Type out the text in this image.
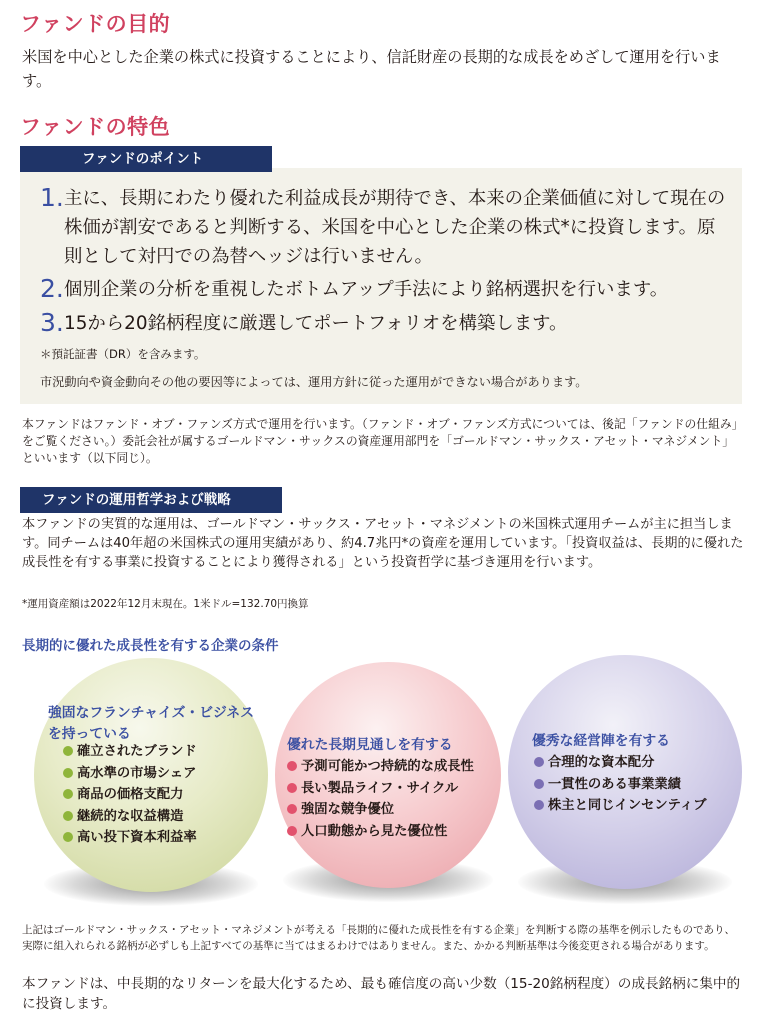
ファンドの目的
米国を中心とした企業の株式に投資することにより、信託財産の長期的な成長をめざして運用を行います。
ファンドの特色
1. 主に、長期にわたり優れた利益成長が期待でき、本来の企業価値に対して現在の株価が割安であると判断する、米国を中心とした企業の株式*に投資します。原則として対円での為替ヘッジは行いません。
2. 個別企業の分析を重視したボトムアップ手法により銘柄選択を行います。
3. 15から20銘柄程度に厳選してポートフォリオを構築します。
＊預託証書（DR）を含みます。
市況動向や資金動向その他の要因等によっては、運用方針に従った運用ができない場合があります。
ファンドのポイント
本ファンドはファンド・オブ・ファンズ方式で運用を行います。（ファンド・オブ・ファンズ方式については、後記「ファンドの仕組み」をご覧ください。）委託会社が属するゴールドマン・サックスの資産運用部門を「ゴールドマン・サックス・アセット・マネジメント」といいます（以下同じ）。
ファンドの運用哲学および戦略
本ファンドの実質的な運用は、ゴールドマン・サックス・アセット・マネジメントの米国株式運用チームが主に担当します。同チームは40年超の米国株式の運用実績があり、約4.7兆円*の資産を運用しています。「投資収益は、長期的に優れた成長性を有する事業に投資することにより獲得される」という投資哲学に基づき運用を行います。
*運用資産額は2022年12月末現在。1米ドル=132.70円換算
長期的に優れた成長性を有する企業の条件
強固なフランチャイズ・ビジネス
を持っている
確立されたブランド
高水準の市場シェア
商品の価格支配力
継続的な収益構造
高い投下資本利益率
優れた長期見通しを有する
予測可能かつ持続的な成長性
長い製品ライフ・サイクル
強固な競争優位
人口動態から見た優位性
優秀な経営陣を有する
合理的な資本配分
一貫性のある事業業績
株主と同じインセンティブ
上記はゴールドマン・サックス・アセット・マネジメントが考える「長期的に優れた成長性を有する企業」を判断する際の基準を例示したものであり、実際に組入れられる銘柄が必ずしも上記すべての基準に当てはまるわけではありません。また、かかる判断基準は今後変更される場合があります。
本ファンドは、中長期的なリターンを最大化するため、最も確信度の高い少数（15-20銘柄程度）の成長銘柄に集中的に投資します。
